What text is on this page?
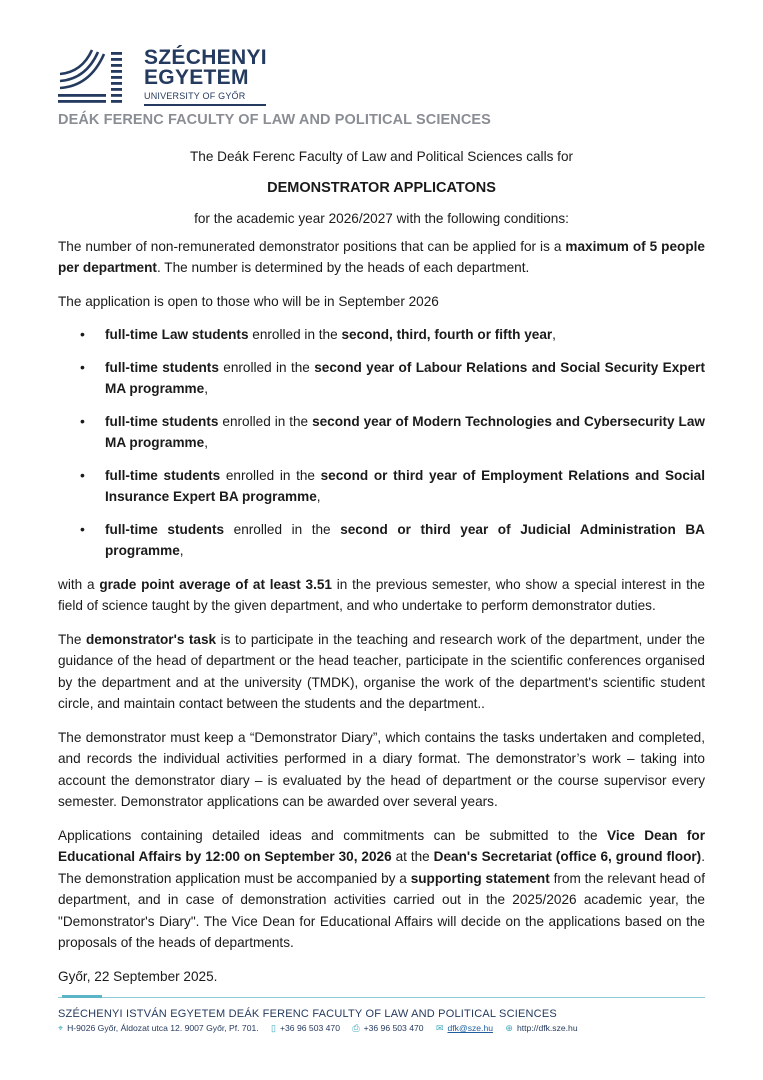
SZÉCHENYI
EGYETEM
UNIVERSITY OF GYŐR
DEÁK FERENC FACULTY OF LAW AND POLITICAL SCIENCES
The Deák Ferenc Faculty of Law and Political Sciences calls for
DEMONSTRATOR APPLICATONS
for the academic year 2026/2027 with the following conditions:

The number of non-remunerated demonstrator positions that can be applied for is a maximum of 5 people per department. The number is determined by the heads of each department.

The application is open to those who will be in September 2026

• full-time Law students enrolled in the second, third, fourth or fifth year,
• full-time students enrolled in the second year of Labour Relations and Social Security Expert MA programme,
• full-time students enrolled in the second year of Modern Technologies and Cybersecurity Law MA programme,
• full-time students enrolled in the second or third year of Employment Relations and Social Insurance Expert BA programme,
• full-time students enrolled in the second or third year of Judicial Administration BA programme,

with a grade point average of at least 3.51 in the previous semester, who show a special interest in the field of science taught by the given department, and who undertake to perform demonstrator duties.

The demonstrator's task is to participate in the teaching and research work of the department, under the guidance of the head of department or the head teacher, participate in the scientific conferences organised by the department and at the university (TMDK), organise the work of the department's scientific student circle, and maintain contact between the students and the department..

The demonstrator must keep a “Demonstrator Diary”, which contains the tasks undertaken and completed, and records the individual activities performed in a diary format. The demonstrator’s work – taking into account the demonstrator diary – is evaluated by the head of department or the course supervisor every semester. Demonstrator applications can be awarded over several years.

Applications containing detailed ideas and commitments can be submitted to the Vice Dean for Educational Affairs by 12:00 on September 30, 2026 at the Dean's Secretariat (office 6, ground floor). The demonstration application must be accompanied by a supporting statement from the relevant head of department, and in case of demonstration activities carried out in the 2025/2026 academic year, the "Demonstrator's Diary". The Vice Dean for Educational Affairs will decide on the applications based on the proposals of the heads of departments.

Győr, 22 September 2025.

SZÉCHENYI ISTVÁN EGYETEM DEÁK FERENC FACULTY OF LAW AND POLITICAL SCIENCES
⌖ H-9026 Győr, Áldozat utca 12. 9007 Győr, Pf. 701. ▯ +36 96 503 470 ⎙ +36 96 503 470 ✉ dfk@sze.hu ⊕ http://dfk.sze.hu
